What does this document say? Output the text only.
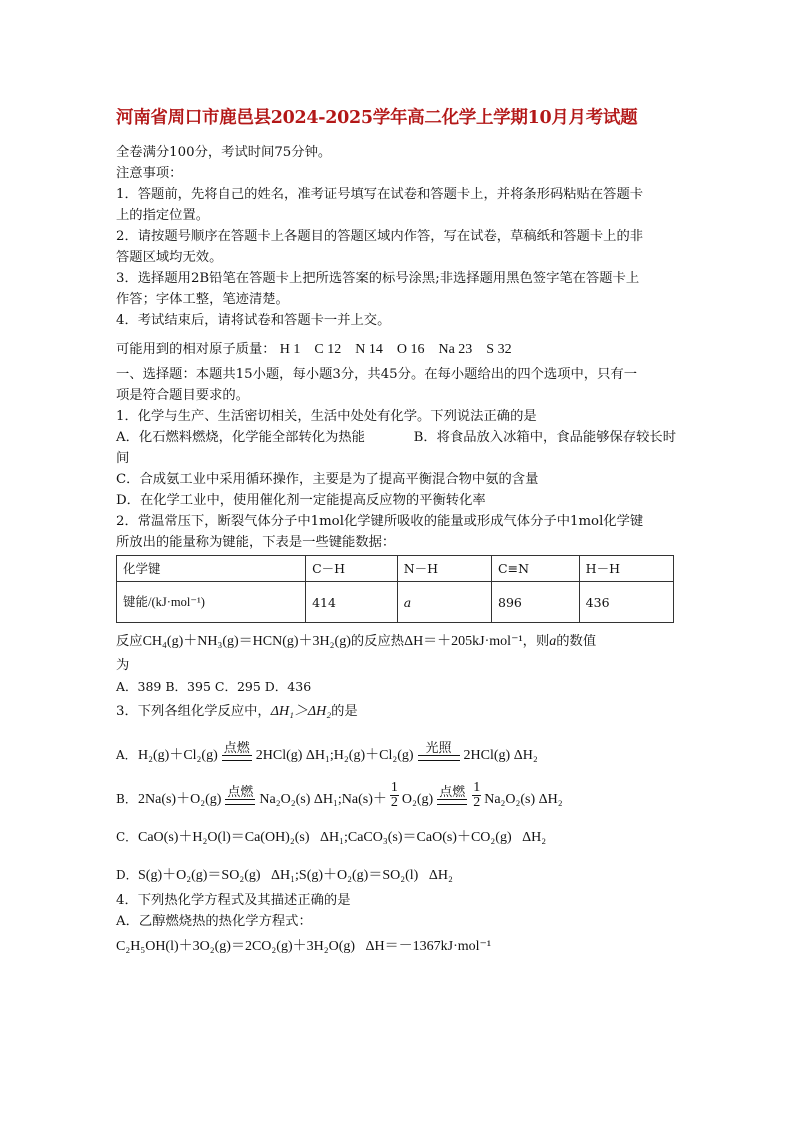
河南省周口市鹿邑县2024-2025学年高二化学上学期10月月考试题

全卷满分100分，考试时间75分钟。

注意事项：

1．答题前，先将自己的姓名，准考证号填写在试卷和答题卡上，并将条形码粘贴在答题卡

上的指定位置。

2．请按题号顺序在答题卡上各题目的答题区域内作答，写在试卷，草稿纸和答题卡上的非

答题区域均无效。

3．选择题用2B铅笔在答题卡上把所选答案的标号涂黑;非选择题用黑色签字笔在答题卡上

作答；字体工整，笔迹清楚。

4．考试结束后，请将试卷和答题卡一并上交。

可能用到的相对原子质量： H 1    C 12    N 14    O 16    Na 23    S 32

一、选择题：本题共15小题，每小题3分，共45分。在每小题给出的四个选项中，只有一

项是符合题目要求的。

1．化学与生产、生活密切相关，生活中处处有化学。下列说法正确的是

A．化石燃料燃烧，化学能全部转化为热能	B．将食品放入冰箱中，食品能够保存较长时

间

C．合成氨工业中采用循环操作，主要是为了提高平衡混合物中氨的含量

D．在化学工业中，使用催化剂一定能提高反应物的平衡转化率

2．常温常压下，断裂气体分子中1mol化学键所吸收的能量或形成气体分子中1mol化学键

所放出的能量称为键能，下表是一些键能数据：

化学键	C－H	N－H	C≡N	H－H
键能/(kJ·mol⁻¹)	414	a	896	436

反应CH₄(g)＋NH₃(g)＝HCN(g)＋3H₂(g)的反应热ΔH＝＋205kJ·mol⁻¹，则a的数值

为

A．389 B．395 C．295 D．436

3．下列各组化学反应中，ΔH₁＞ΔH₂的是

A． H₂(g)＋Cl₂(g)
点燃
2HCl(g) ΔH₁;H₂(g)＋Cl₂(g)
光照
2HCl(g) ΔH₂
B． 2Na(s)＋O₂(g)
点燃
Na₂O₂(s) ΔH₁;Na(s)＋ $\frac{1}{2} O_2(g)$
点燃 $\frac{1}{2} Na_2O_2(s)$ ΔH₂
C． CaO(s)＋H₂O(l)＝Ca(OH)₂(s)   ΔH₁;CaCO₃(s)＝CaO(s)＋CO₂(g)   ΔH₂
D． S(g)＋O₂(g)＝SO₂(g)   ΔH₁;S(g)＋O₂(g)＝SO₂(l)   ΔH₂

4．下列热化学方程式及其描述正确的是

A．乙醇燃烧热的热化学方程式：

C₂H₅OH(l)＋3O₂(g)＝2CO₂(g)＋3H₂O(g)   ΔH＝－1367kJ·mol⁻¹
